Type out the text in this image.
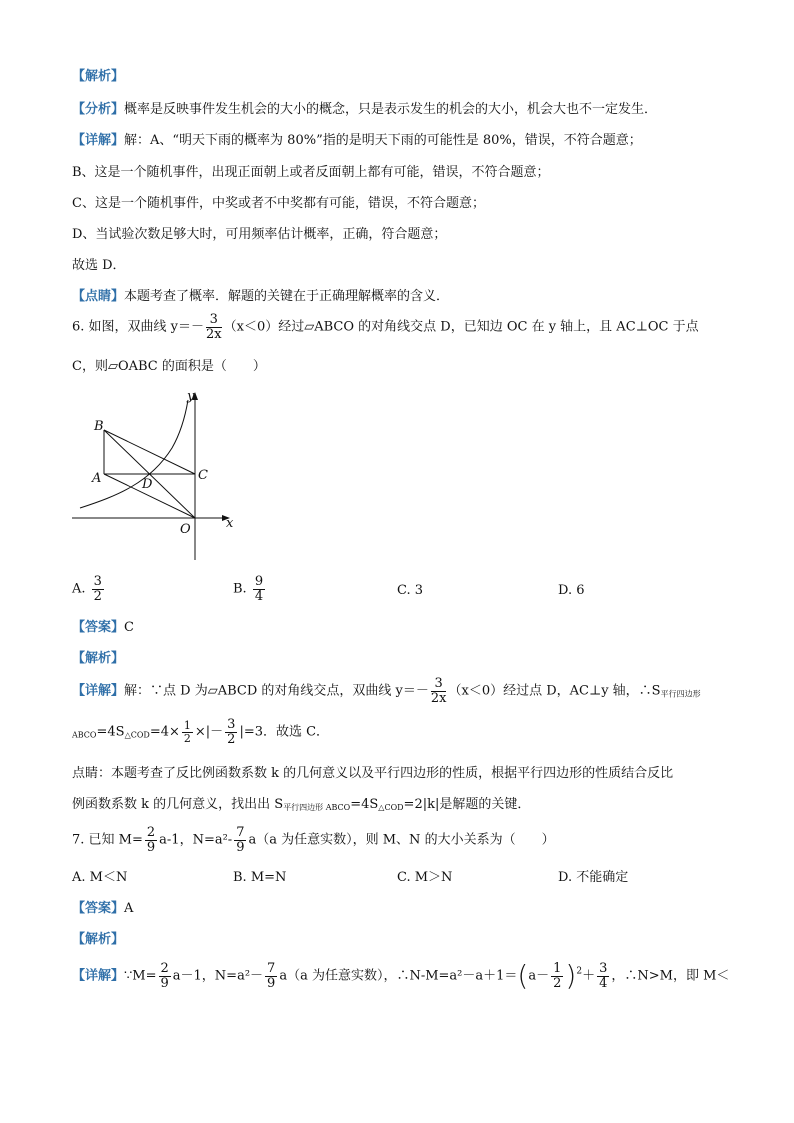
【解析】
【分析】概率是反映事件发生机会的大小的概念，只是表示发生的机会的大小，机会大也不一定发生．
【详解】解：A、“明天下雨的概率为 80%”指的是明天下雨的可能性是 80%，错误，不符合题意；
B、这是一个随机事件，出现正面朝上或者反面朝上都有可能，错误，不符合题意；
C、这是一个随机事件，中奖或者不中奖都有可能，错误，不符合题意；
D、当试验次数足够大时，可用频率估计概率，正确，符合题意；
故选 D．
【点睛】本题考查了概率．解题的关键在于正确理解概率的含义．
6. 如图，双曲线 $y=- \frac{3}{2x} (x<0)$经过▱ABCO 的对角线交点 D，已知边 OC 在 y 轴上，且 AC⊥OC 于点
C，则▱OABC 的面积是（　　）
y
x
B
A	D
C
O
A. $\frac{3}{2}$	B. $\frac{9}{4}$	C. 3	D. 6
【答案】C
【解析】
【详解】解：∵点 D 为▱ABCD 的对角线交点，双曲线 $y=- \frac{3}{2x} (x<0)$经过点 D，AC⊥y 轴，$\therefore S_{平行四边形}$
$_{ABCO}=4S_{\triangle COD}=4\times \frac{1}{2}$ ×|－ $\frac{3}{2} |=3$．故选 C．
点睛：本题考查了反比例函数系数 k 的几何意义以及平行四边形的性质，根据平行四边形的性质结合反比
例函数系数 k 的几何意义，找出出 $S_{平行四边形 ABCO}=4S_{\triangle COD}=2|k|$是解题的关键．
7. 已知 $M= \frac{2}{9} a-1$，$N=a^2- \frac{7}{9} a(a$ 为任意实数），则 M、N 的大小关系为（　　）
A. M＜N	B. M=N	C. M＞N	D. 不能确定
【答案】A
【解析】
【详解】∵M= $\frac{2}{9} a-1$，$N=a^2- \frac{7}{9} a(a$ 为任意实数），∴N-M=a²－a＋1＝(a－ $\frac{1}{2} )^2+ \frac{3}{4}$ ，∴N>M，即 M＜
